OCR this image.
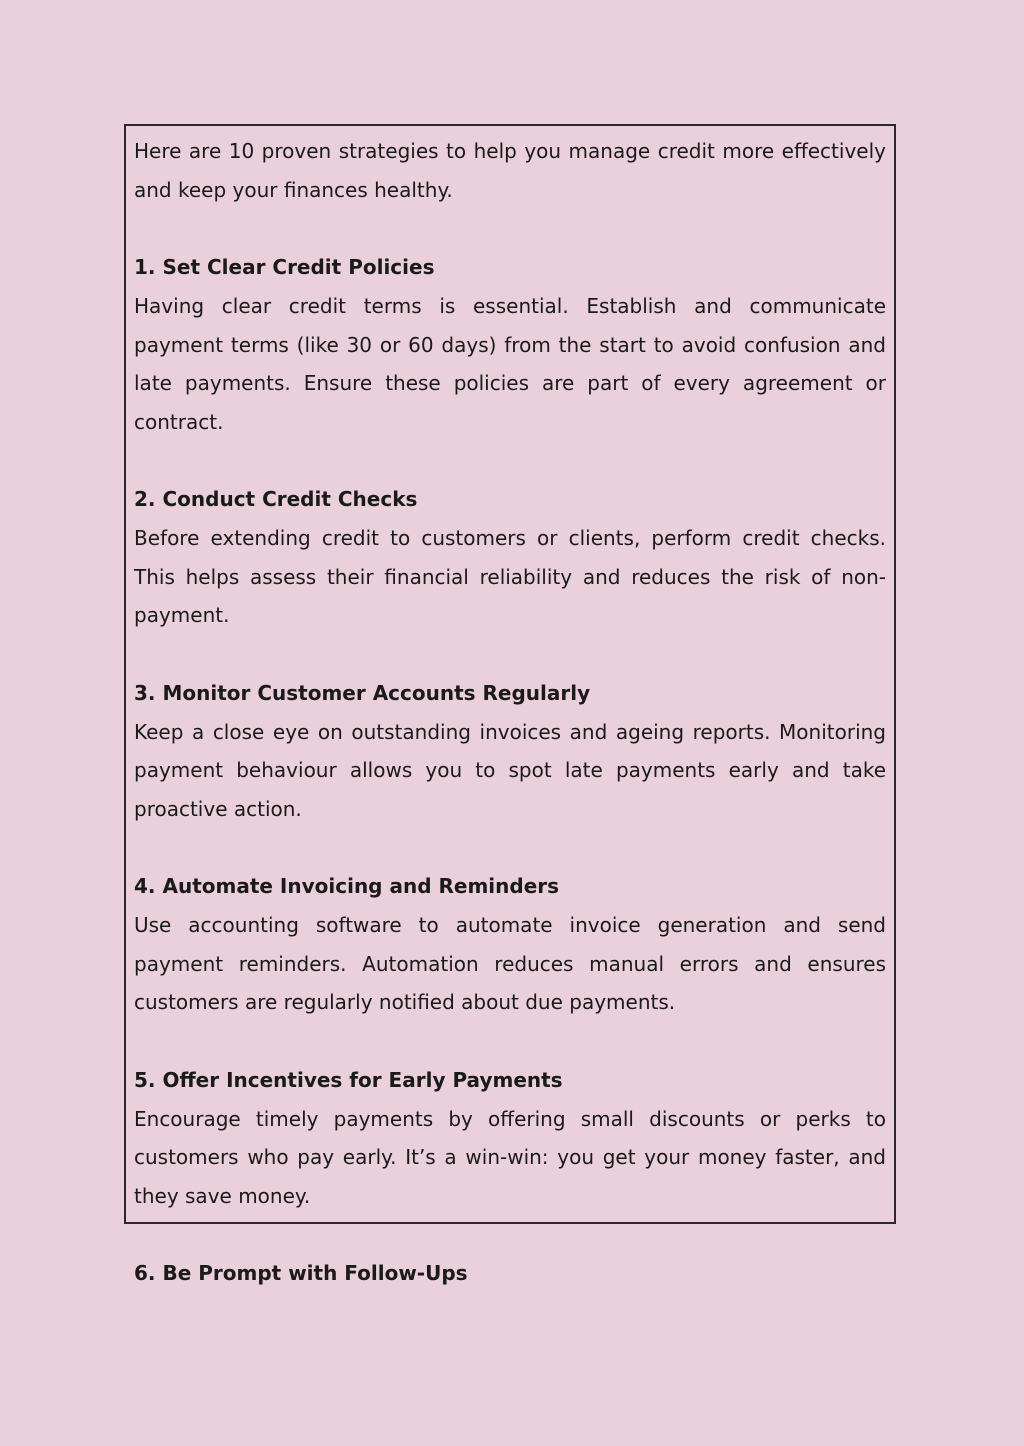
Here are 10 proven strategies to help you manage credit more effectively and keep your finances healthy.

1. Set Clear Credit Policies

Having clear credit terms is essential. Establish and communicate payment terms (like 30 or 60 days) from the start to avoid confusion and late payments. Ensure these policies are part of every agreement or contract.

2. Conduct Credit Checks

Before extending credit to customers or clients, perform credit checks. This helps assess their financial reliability and reduces the risk of non-payment.

3. Monitor Customer Accounts Regularly

Keep a close eye on outstanding invoices and ageing reports. Monitoring payment behaviour allows you to spot late payments early and take proactive action.

4. Automate Invoicing and Reminders

Use accounting software to automate invoice generation and send payment reminders. Automation reduces manual errors and ensures customers are regularly notified about due payments.

5. Offer Incentives for Early Payments

Encourage timely payments by offering small discounts or perks to customers who pay early. It’s a win-win: you get your money faster, and they save money.

6. Be Prompt with Follow-Ups
